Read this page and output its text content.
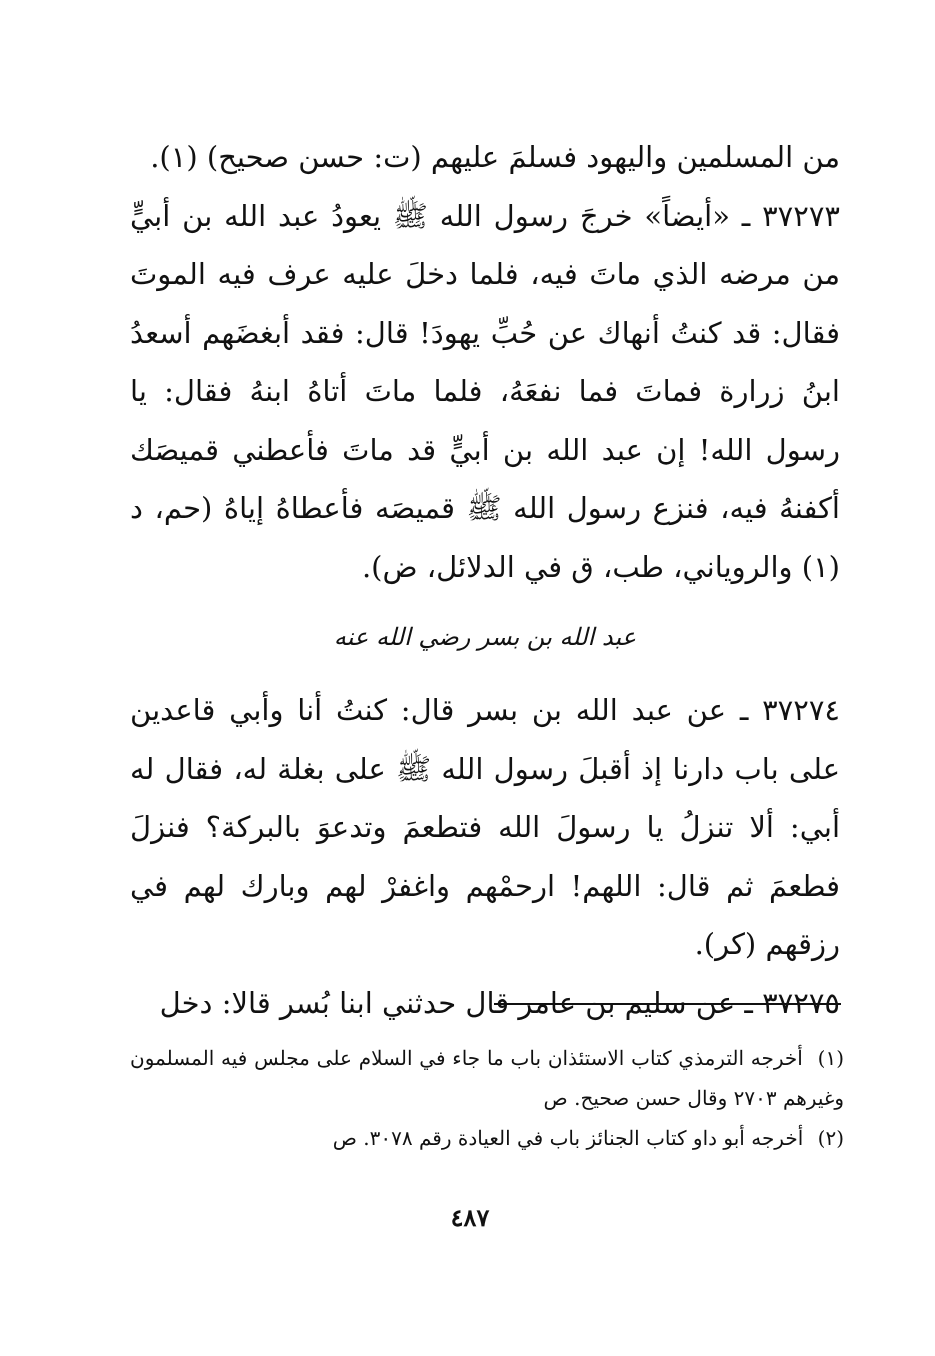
من المسلمين واليهود فسلمَ عليهم (ت: حسن صحيح) (١).

٣٧٢٧٣ ـ «أيضاً» خرجَ رسول الله ﷺ يعودُ عبد الله بن أبيٍّ من مرضه الذي ماتَ فيه، فلما دخلَ عليه عرف فيه الموتَ فقال: قد كنتُ أنهاك عن حُبِّ يهودَ! قال: فقد أبغضَهم أسعدُ ابنُ زرارة فماتَ فما نفعَهُ، فلما ماتَ أتاهُ ابنهُ فقال: يا رسول الله! إن عبد الله بن أبيٍّ قد ماتَ فأعطني قميصَك أكفنهُ فيه، فنزع رسول الله ﷺ قميصَه فأعطاهُ إياهُ (حم، د (١) والروياني، طب، ق في الدلائل، ض).

عبد الله بن بسر رضي الله عنه

٣٧٢٧٤ ـ عن عبد الله بن بسر قال: كنتُ أنا وأبي قاعدين على باب دارنا إذ أقبلَ رسول الله ﷺ على بغلة له، فقال له أبي: ألا تنزلُ يا رسولَ الله فتطعمَ وتدعوَ بالبركة؟ فنزلَ فطعمَ ثم قال: اللهم! ارحمْهم واغفرْ لهم وبارك لهم في رزقهم (كر).

٣٧٢٧٥ ـ عن سليم بن عامر قال حدثني ابنا بُسر قالا: دخل

(١) أخرجه الترمذي كتاب الاستئذان باب ما جاء في السلام على مجلس فيه المسلمون وغيرهم ٢٧٠٣ وقال حسن صحيح. ص

(٢) أخرجه أبو داو كتاب الجنائز باب في العيادة رقم ٣٠٧٨. ص

٤٨٧
